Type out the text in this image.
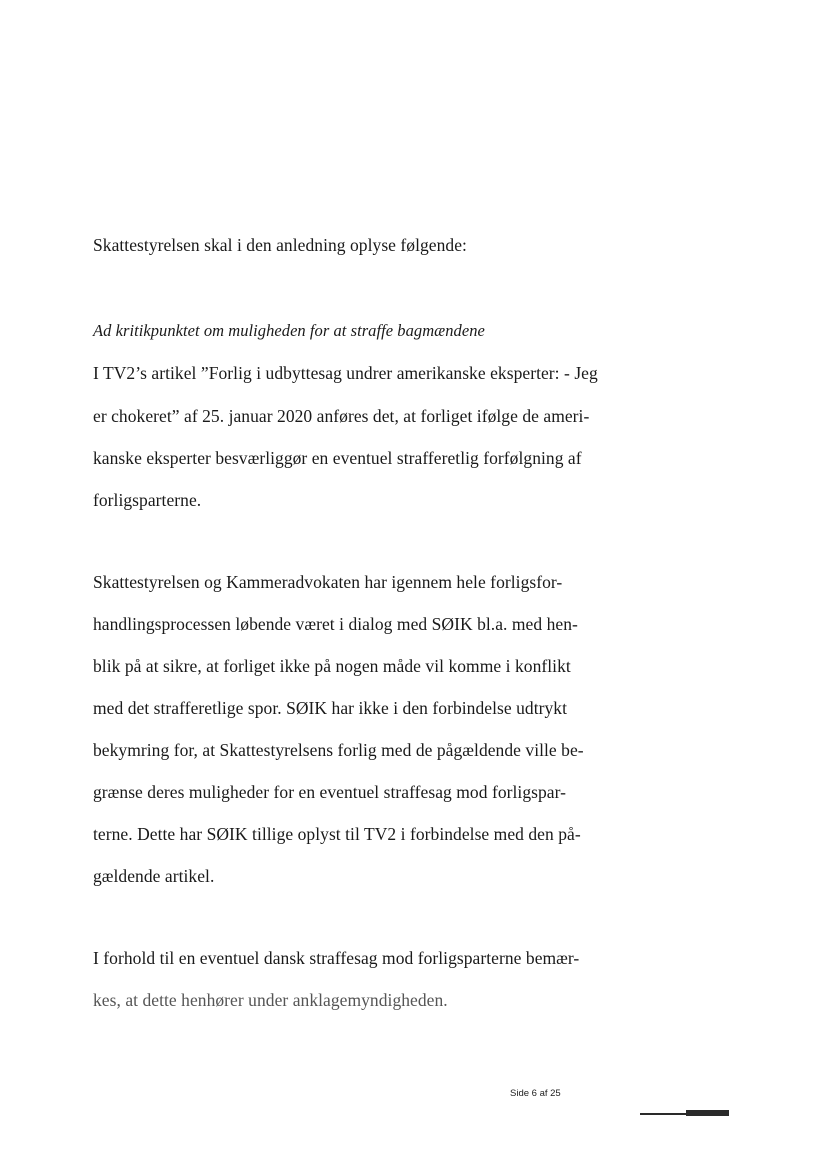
Skattestyrelsen skal i den anledning oplyse følgende:
Ad kritikpunktet om muligheden for at straffe bagmændene
I TV2’s artikel ”Forlig i udbyttesag undrer amerikanske eksperter: - Jeg
er chokeret” af 25. januar 2020 anføres det, at forliget ifølge de ameri-
kanske eksperter besværliggør en eventuel strafferetlig forfølgning af
forligsparterne.
Skattestyrelsen og Kammeradvokaten har igennem hele forligsfor-
handlingsprocessen løbende været i dialog med SØIK bl.a. med hen-
blik på at sikre, at forliget ikke på nogen måde vil komme i konflikt
med det strafferetlige spor. SØIK har ikke i den forbindelse udtrykt
bekymring for, at Skattestyrelsens forlig med de pågældende ville be-
grænse deres muligheder for en eventuel straffesag mod forligspar-
terne. Dette har SØIK tillige oplyst til TV2 i forbindelse med den på-
gældende artikel.
I forhold til en eventuel dansk straffesag mod forligsparterne bemær-
kes, at dette henhører under anklagemyndigheden.
Side 6 af 25
